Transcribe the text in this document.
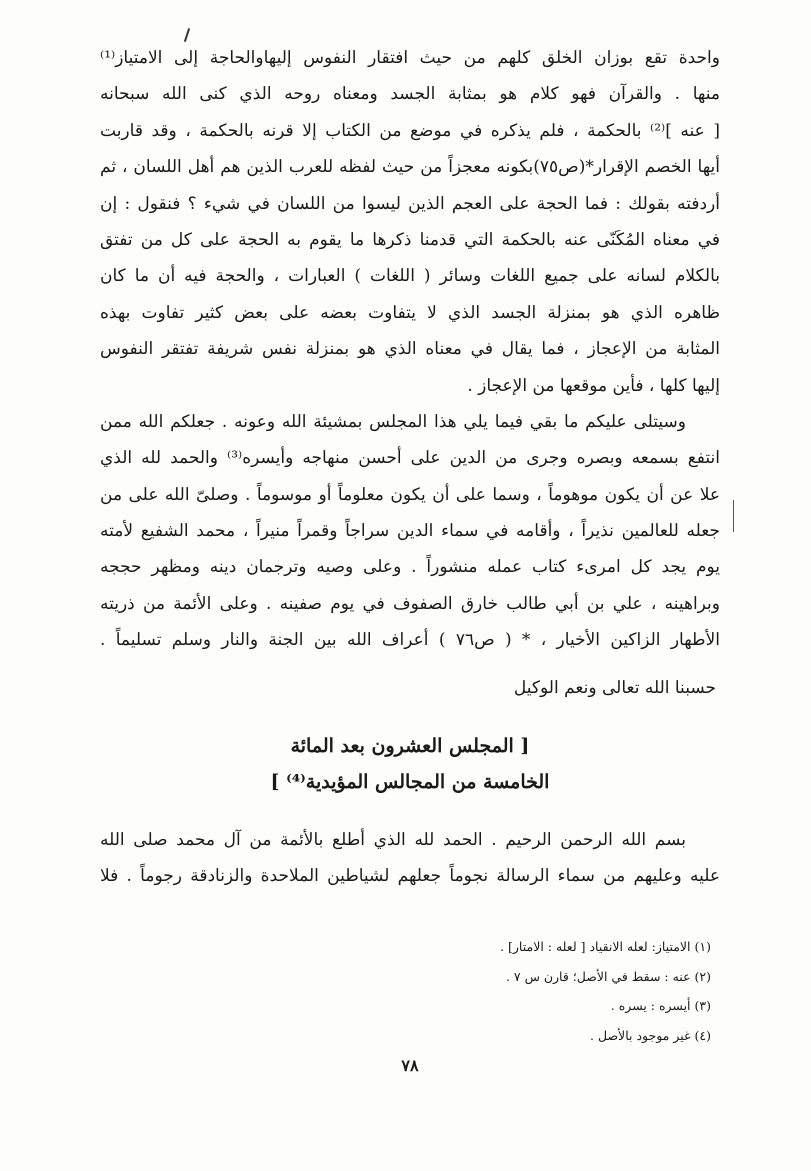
واحدة تقع بوزان الخلق كلهم من حيث افتقار النفوس إليهاوالحاجة إلى الامتياز⁽¹⁾
منها . والقرآن فهو كلام هو بمثابة الجسد ومعناه روحه الذي كنى الله سبحانه
[ عنه ]⁽²⁾ بالحكمة ، فلم يذكره في موضع من الكتاب إلا قرنه بالحكمة ، وقد قاربت
أيها الخصم الإقرار*(ص٧٥)بكونه معجزاً من حيث لفظه للعرب الذين هم أهل اللسان ، ثم
أردفته بقولك : فما الحجة على العجم الذين ليسوا من اللسان في شيء ؟ فنقول : إن
في معناه المُكَنّى عنه بالحكمة التي قدمنا ذكرها ما يقوم به الحجة على كل من تفتق
بالكلام لسانه على جميع اللغات وسائر ( اللغات ) العبارات ، والحجة فيه أن ما كان
ظاهره الذي هو بمنزلة الجسد الذي لا يتفاوت بعضه على بعض كثير تفاوت بهذه
المثابة من الإعجاز ، فما يقال في معناه الذي هو بمنزلة نفس شريفة تفتقر النفوس
إليها كلها ، فأين موقعها من الإعجاز .
وسيتلى عليكم ما بقي فيما يلي هذا المجلس بمشيئة الله وعونه . جعلكم الله ممن
انتفع بسمعه وبصره وجرى من الدين على أحسن منهاجه وأيسره⁽³⁾ والحمد لله الذي
علا عن أن يكون موهوماً ، وسما على أن يكون معلوماً أو موسوماً . وصلىّ الله على من
جعله للعالمين نذيراً ، وأقامه في سماء الدين سراجاً وقمراً منيراً ، محمد الشفيع لأمته
يوم يجد كل امرىء كتاب عمله منشوراً . وعلى وصيه وترجمان دينه ومظهر حججه
وبراهينه ، علي بن أبي طالب خارق الصفوف في يوم صفينه . وعلى الأئمة من ذريته
الأطهار الزاكين الأخيار ، * ( ص٧٦ ) أعراف الله بين الجنة والنار وسلم تسليماً .
حسبنا الله تعالى ونعم الوكيل
[ المجلس العشرون بعد المائة
الخامسة من المجالس المؤيدية⁽⁴⁾ ]
بسم الله الرحمن الرحيم . الحمد لله الذي أطلع بالأئمة من آل محمد صلى الله
عليه وعليهم من سماء الرسالة نجوماً جعلهم لشياطين الملاحدة والزنادقة رجوماً . فلا
(١) الامتياز: لعله الانقياد [ لعله : الامتار] .
(٢) عنه : سقط في الأصل؛ قارن س ٧ .
(٣) أيسره : يسره .
(٤) غير موجود بالأصل .
٧٨
